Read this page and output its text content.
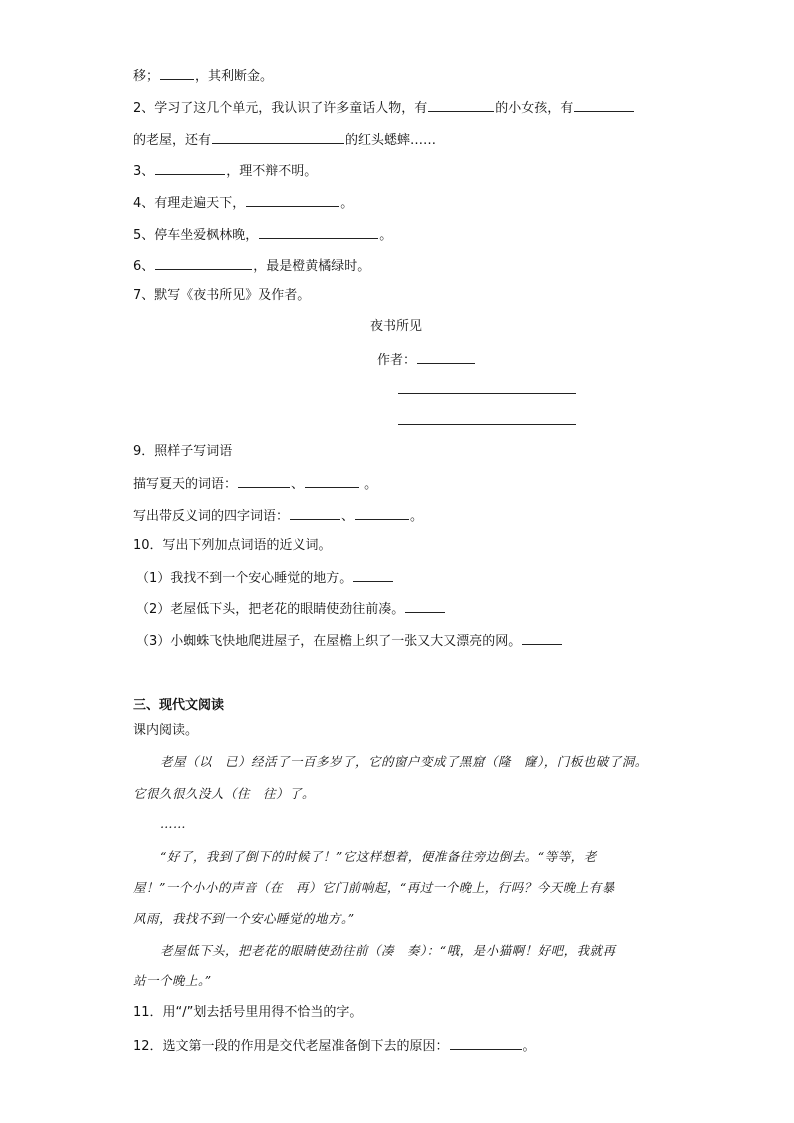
移；	，其利断金。
2、学习了这几个单元，我认识了许多童话人物，有	的小女孩，有
的老屋，还有	的红头蟋蟀……
3、	，理不辩不明。
4、有理走遍天下，	。
5、停车坐爱枫林晚，	。
6、	，最是橙黄橘绿时。
7、默写《夜书所见》及作者。
夜书所见
作者：
9．照样子写词语
描写夏天的词语：	、	。
写出带反义词的四字词语：	、	。
10．写出下列加点词语的近义词。
（1）我找不到一个安心睡觉的地方。
（2）老屋低下头，把老花的眼睛使劲往前凑。
（3）小蜘蛛飞快地爬进屋子，在屋檐上织了一张又大又漂亮的网。
三、现代文阅读
课内阅读。
老屋（以　已）经活了一百多岁了，它的窗户变成了黑窟（隆　窿），门板也破了洞。
它很久很久没人（住　往）了。
……
“好了，我到了倒下的时候了！”它这样想着，便准备往旁边倒去。“等等，老
屋！”一个小小的声音（在　再）它门前响起，“再过一个晚上，行吗？今天晚上有暴
风雨，我找不到一个安心睡觉的地方。”
老屋低下头，把老花的眼睛使劲往前（凑　奏）：“哦，是小猫啊！好吧，我就再
站一个晚上。”
11．用“/”划去括号里用得不恰当的字。
12．选文第一段的作用是交代老屋准备倒下去的原因：	。
